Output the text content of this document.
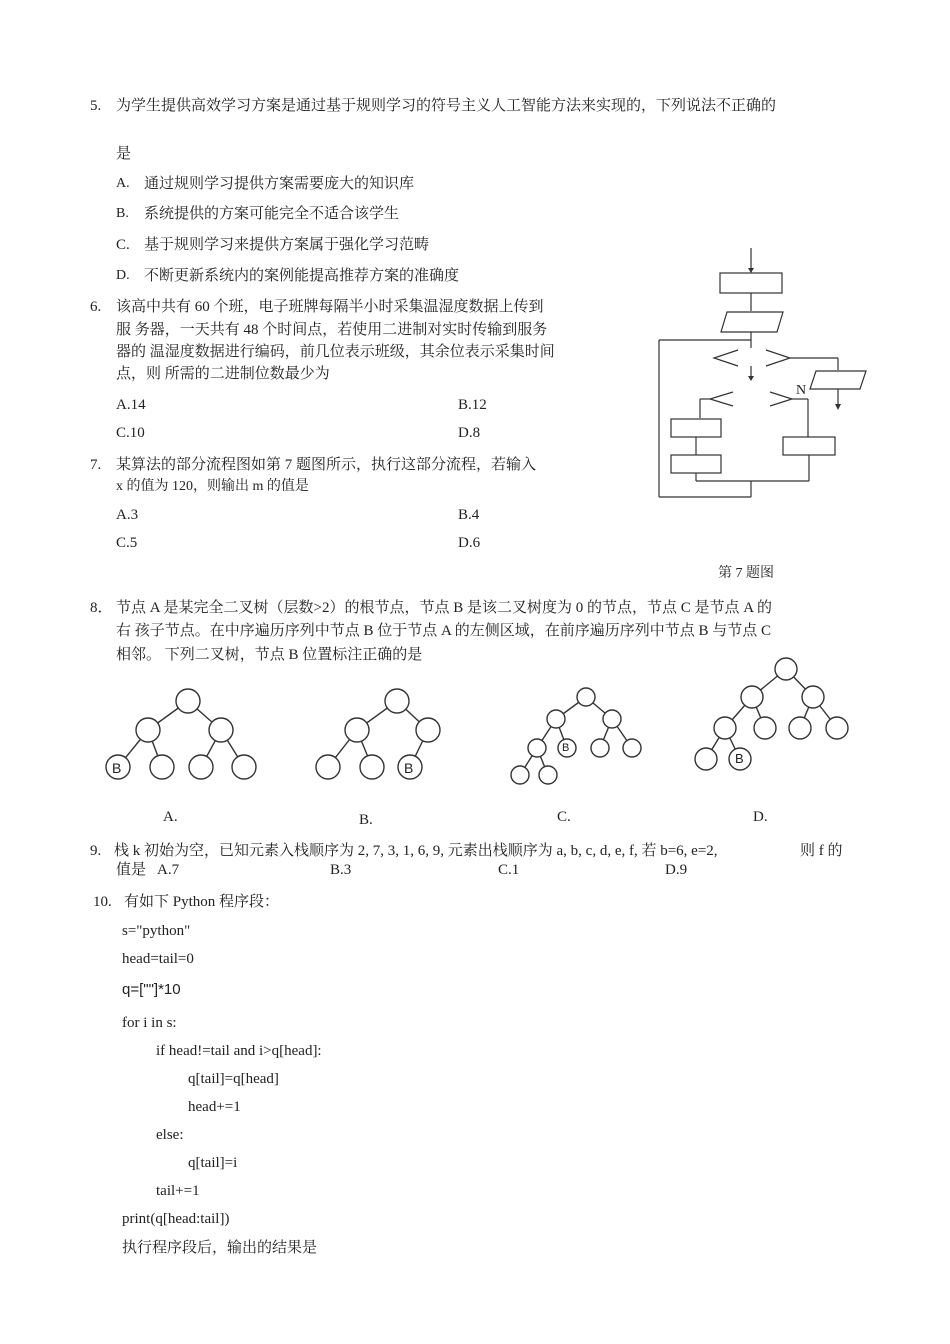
5. 为学生提供高效学习方案是通过基于规则学习的符号主义人工智能方法来实现的，下列说法不正确的
是
A. 通过规则学习提供方案需要庞大的知识库
B. 系统提供的方案可能完全不适合该学生
C. 基于规则学习来提供方案属于强化学习范畴
D. 不断更新系统内的案例能提高推荐方案的准确度
6. 该高中共有 60 个班，电子班牌每隔半小时采集温湿度数据上传到
服 务器，一天共有 48 个时间点，若使用二进制对实时传输到服务
器的 温湿度数据进行编码，前几位表示班级，其余位表示采集时间
点，则 所需的二进制位数最少为
A.14	B.12
C.10	D.8
7. 某算法的部分流程图如第 7 题图所示，执行这部分流程，若输入
x 的值为 120，则输出 m 的值是
A.3	B.4
C.5	D.6
N
第 7 题图
8． 节点 A 是某完全二叉树（层数>2）的根节点，节点 B 是该二叉树度为 0 的节点，节点 C 是节点 A 的
右 孩子节点。在中序遍历序列中节点 B 位于节点 A 的左侧区域，在前序遍历序列中节点 B 与节点 C
相邻。 下列二叉树，节点 B 位置标注正确的是
B	B
B
B
A.	B.	C.	D.
9. 栈 k 初始为空，已知元素入栈顺序为 2, 7, 3, 1, 6, 9, 元素出栈顺序为 a, b, c, d, e, f, 若 b=6, e=2,	则 f 的
值是 A.7	B.3	C.1	D.9
10. 有如下 Python 程序段：
s="python"
head=tail=0
q=[""]*10
for i in s:
if head!=tail and i>q[head]:
q[tail]=q[head]
head+=1
else:
q[tail]=i
tail+=1
print(q[head:tail])
执行程序段后，输出的结果是
